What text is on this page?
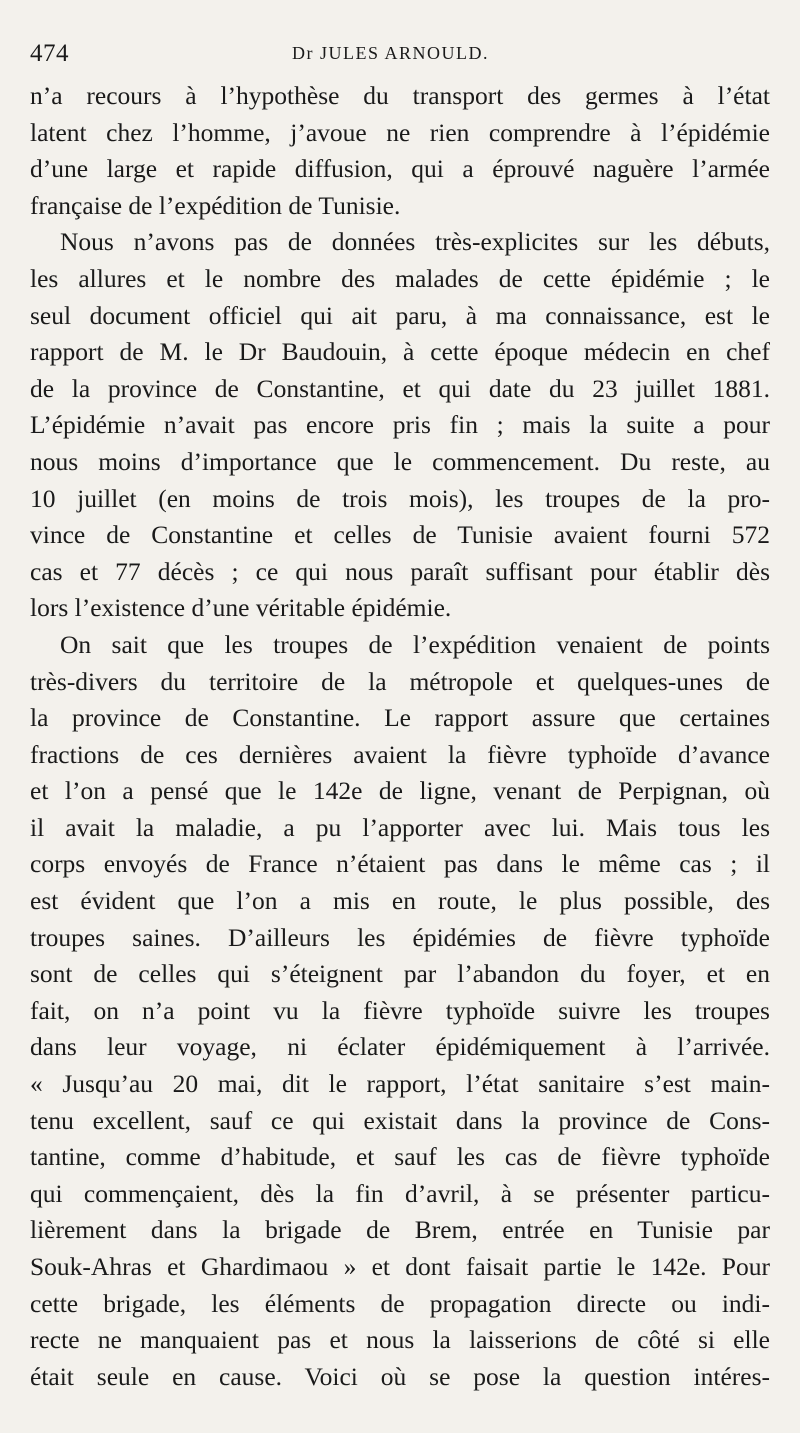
474	Dr JULES ARNOULD.
n’a recours à l’hypothèse du transport des germes à l’état
latent chez l’homme, j’avoue ne rien comprendre à l’épidémie
d’une large et rapide diffusion, qui a éprouvé naguère l’armée
française de l’expédition de Tunisie.
Nous n’avons pas de données très-explicites sur les débuts,
les allures et le nombre des malades de cette épidémie ; le
seul document officiel qui ait paru, à ma connaissance, est le
rapport de M. le Dr Baudouin, à cette époque médecin en chef
de la province de Constantine, et qui date du 23 juillet 1881.
L’épidémie n’avait pas encore pris fin ; mais la suite a pour
nous moins d’importance que le commencement. Du reste, au
10 juillet (en moins de trois mois), les troupes de la pro-
vince de Constantine et celles de Tunisie avaient fourni 572
cas et 77 décès ; ce qui nous paraît suffisant pour établir dès
lors l’existence d’une véritable épidémie.
On sait que les troupes de l’expédition venaient de points
très-divers du territoire de la métropole et quelques-unes de
la province de Constantine. Le rapport assure que certaines
fractions de ces dernières avaient la fièvre typhoïde d’avance
et l’on a pensé que le 142e de ligne, venant de Perpignan, où
il avait la maladie, a pu l’apporter avec lui. Mais tous les
corps envoyés de France n’étaient pas dans le même cas ; il
est évident que l’on a mis en route, le plus possible, des
troupes saines. D’ailleurs les épidémies de fièvre typhoïde
sont de celles qui s’éteignent par l’abandon du foyer, et en
fait, on n’a point vu la fièvre typhoïde suivre les troupes
dans leur voyage, ni éclater épidémiquement à l’arrivée.
« Jusqu’au 20 mai, dit le rapport, l’état sanitaire s’est main-
tenu excellent, sauf ce qui existait dans la province de Cons-
tantine, comme d’habitude, et sauf les cas de fièvre typhoïde
qui commençaient, dès la fin d’avril, à se présenter particu-
lièrement dans la brigade de Brem, entrée en Tunisie par
Souk-Ahras et Ghardimaou » et dont faisait partie le 142e. Pour
cette brigade, les éléments de propagation directe ou indi-
recte ne manquaient pas et nous la laisserions de côté si elle
était seule en cause. Voici où se pose la question intéres-
